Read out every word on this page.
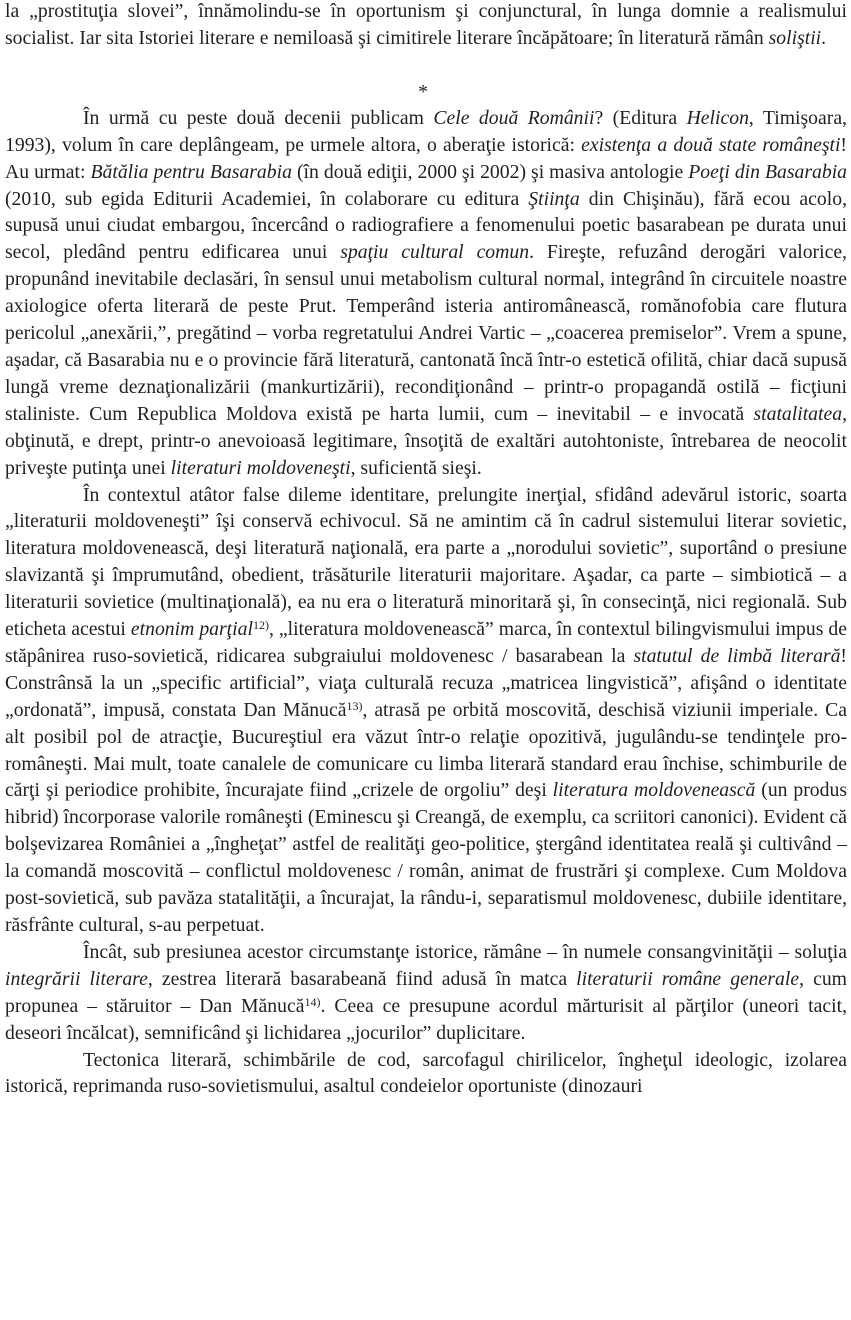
la „prostituţia slovei”, înnămolindu-se în oportunism şi conjunctural, în lunga domnie a realismului socialist. Iar sita Istoriei literare e nemiloasă şi cimitirele literare încăpătoare; în literatură rămân soliştii.

*

În urmă cu peste două decenii publicam Cele două Românii? (Editura Helicon, Timişoara, 1993), volum în care deplângeam, pe urmele altora, o aberaţie istorică: existenţa a două state româneşti! Au urmat: Bătălia pentru Basarabia (în două ediţii, 2000 şi 2002) şi masiva antologie Poeţi din Basarabia (2010, sub egida Editurii Academiei, în colaborare cu editura Ştiinţa din Chişinău), fără ecou acolo, supusă unui ciudat embargou, încercând o radiografiere a fenomenului poetic basarabean pe durata unui secol, pledând pentru edificarea unui spaţiu cultural comun. Fireşte, refuzând derogări valorice, propunând inevitabile declasări, în sensul unui metabolism cultural normal, integrând în circuitele noastre axiologice oferta literară de peste Prut. Temperând isteria antiromânească, romănofobia care flutura pericolul „anexării,”, pregătind – vorba regretatului Andrei Vartic – „coacerea premiselor”. Vrem a spune, aşadar, că Basarabia nu e o provincie fără literatură, cantonată încă într-o estetică ofilită, chiar dacă supusă lungă vreme deznaţionalizării (mankurtizării), recondiţionând – printr-o propagandă ostilă – ficţiuni staliniste. Cum Republica Moldova există pe harta lumii, cum – inevitabil – e invocată statalitatea, obţinută, e drept, printr-o anevoioasă legitimare, însoţită de exaltări autohtoniste, întrebarea de neocolit priveşte putinţa unei literaturi moldoveneşti, suficientă sieşi.

În contextul atâtor false dileme identitare, prelungite inerţial, sfidând adevărul istoric, soarta „literaturii moldoveneşti” îşi conservă echivocul. Să ne amintim că în cadrul sistemului literar sovietic, literatura moldovenească, deşi literatură naţională, era parte a „norodului sovietic”, suportând o presiune slavizantă şi împrumutând, obedient, trăsăturile literaturii majoritare. Aşadar, ca parte – simbiotică – a literaturii sovietice (multinaţională), ea nu era o literatură minoritară şi, în consecinţă, nici regională. Sub eticheta acestui etnonim parţial$^{12)}$, „literatura moldovenească” marca, în contextul bilingvismului impus de stăpânirea ruso-sovietică, ridicarea subgraiului moldovenesc / basarabean la statutul de limbă literară! Constrânsă la un „specific artificial”, viaţa culturală recuza „matricea lingvistică”, afişând o identitate „ordonată”, impusă, constata Dan Mănucă$^{13)}$, atrasă pe orbită moscovită, deschisă viziunii imperiale. Ca alt posibil pol de atracţie, Bucureştiul era văzut într-o relaţie opozitivă, jugulându-se tendinţele pro-româneşti. Mai mult, toate canalele de comunicare cu limba literară standard erau închise, schimburile de cărţi şi periodice prohibite, încurajate fiind „crizele de orgoliu” deşi literatura moldovenească (un produs hibrid) încorporase valorile româneşti (Eminescu şi Creangă, de exemplu, ca scriitori canonici). Evident că bolşevizarea României a „îngheţat” astfel de realităţi geo-politice, ştergând identitatea reală şi cultivând – la comandă moscovită – conflictul moldovenesc / român, animat de frustrări şi complexe. Cum Moldova post-sovietică, sub pavăza statalităţii, a încurajat, la rându-i, separatismul moldovenesc, dubiile identitare, răsfrânte cultural, s-au perpetuat.

Încât, sub presiunea acestor circumstanţe istorice, rămâne – în numele consangvinităţii – soluţia integrării literare, zestrea literară basarabeană fiind adusă în matca literaturii române generale, cum propunea – stăruitor – Dan Mănucă$^{14)}$. Ceea ce presupune acordul mărturisit al părţilor (uneori tacit, deseori încălcat), semnificând şi lichidarea „jocurilor” duplicitare.

Tectonica literară, schimbările de cod, sarcofagul chirilicelor, îngheţul ideologic, izolarea istorică, reprimanda ruso-sovietismului, asaltul condeielor oportuniste (dinozauri
